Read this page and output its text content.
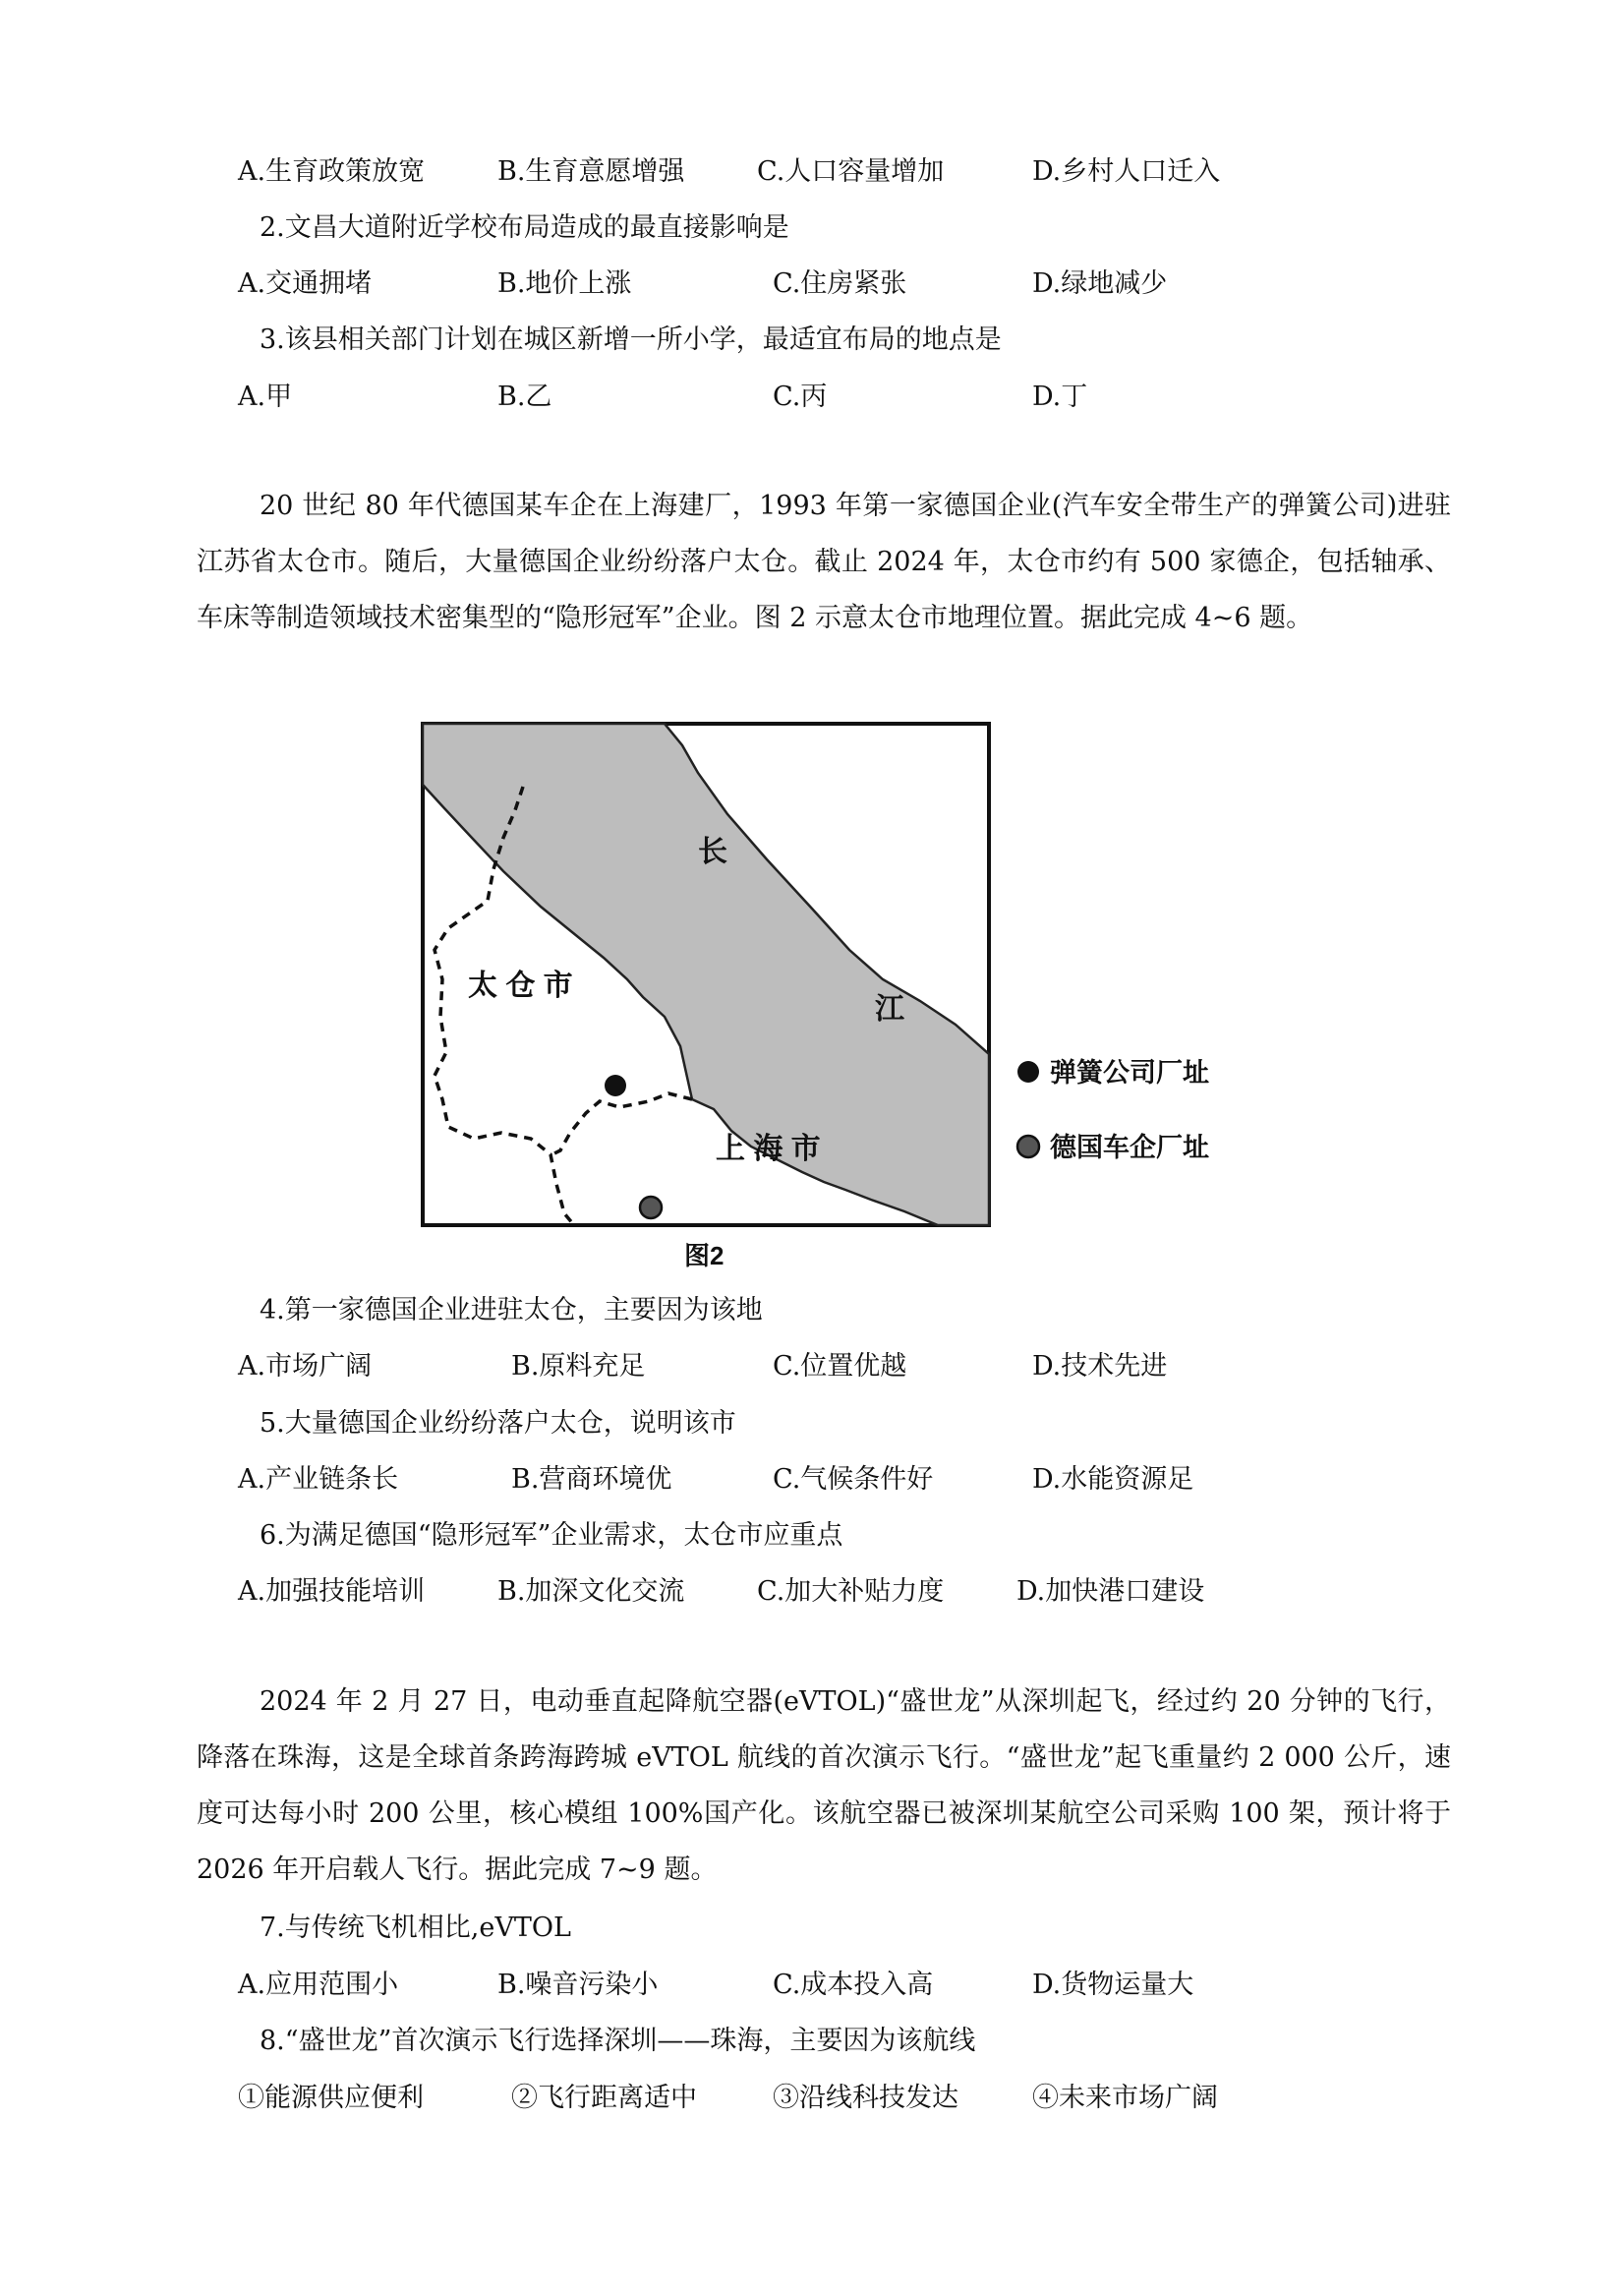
A.生育政策放宽	B.生育意愿增强	C.人口容量增加	D.乡村人口迁入
2.文昌大道附近学校布局造成的最直接影响是
A.交通拥堵	B.地价上涨	C.住房紧张	D.绿地减少
3.该县相关部门计划在城区新增一所小学，最适宜布局的地点是
A.甲	B.乙	C.丙	D.丁
20 世纪 80 年代德国某车企在上海建厂，1993 年第一家德国企业(汽车安全带生产的弹簧公司)进驻江苏省太仓市。随后，大量德国企业纷纷落户太仓。截止 2024 年，太仓市约有 500 家德企，包括轴承、车床等制造领域技术密集型的“隐形冠军”企业。图 2 示意太仓市地理位置。据此完成 4~6 题。
太 仓 市
上 海 市
长
江
弹簧公司厂址
德国车企厂址
图2
4.第一家德国企业进驻太仓，主要因为该地
A.市场广阔	B.原料充足	C.位置优越	D.技术先进
5.大量德国企业纷纷落户太仓，说明该市
A.产业链条长	B.营商环境优	C.气候条件好	D.水能资源足
6.为满足德国“隐形冠军”企业需求，太仓市应重点
A.加强技能培训	B.加深文化交流	C.加大补贴力度	D.加快港口建设
2024 年 2 月 27 日，电动垂直起降航空器(eVTOL)“盛世龙”从深圳起飞，经过约 20 分钟的飞行，降落在珠海，这是全球首条跨海跨城 eVTOL 航线的首次演示飞行。“盛世龙”起飞重量约 2 000 公斤，速度可达每小时 200 公里，核心模组 100%国产化。该航空器已被深圳某航空公司采购 100 架，预计将于 2026 年开启载人飞行。据此完成 7~9 题。
7.与传统飞机相比,eVTOL
A.应用范围小	B.噪音污染小	C.成本投入高	D.货物运量大
8.“盛世龙”首次演示飞行选择深圳——珠海，主要因为该航线
①能源供应便利	②飞行距离适中	③沿线科技发达	④未来市场广阔
